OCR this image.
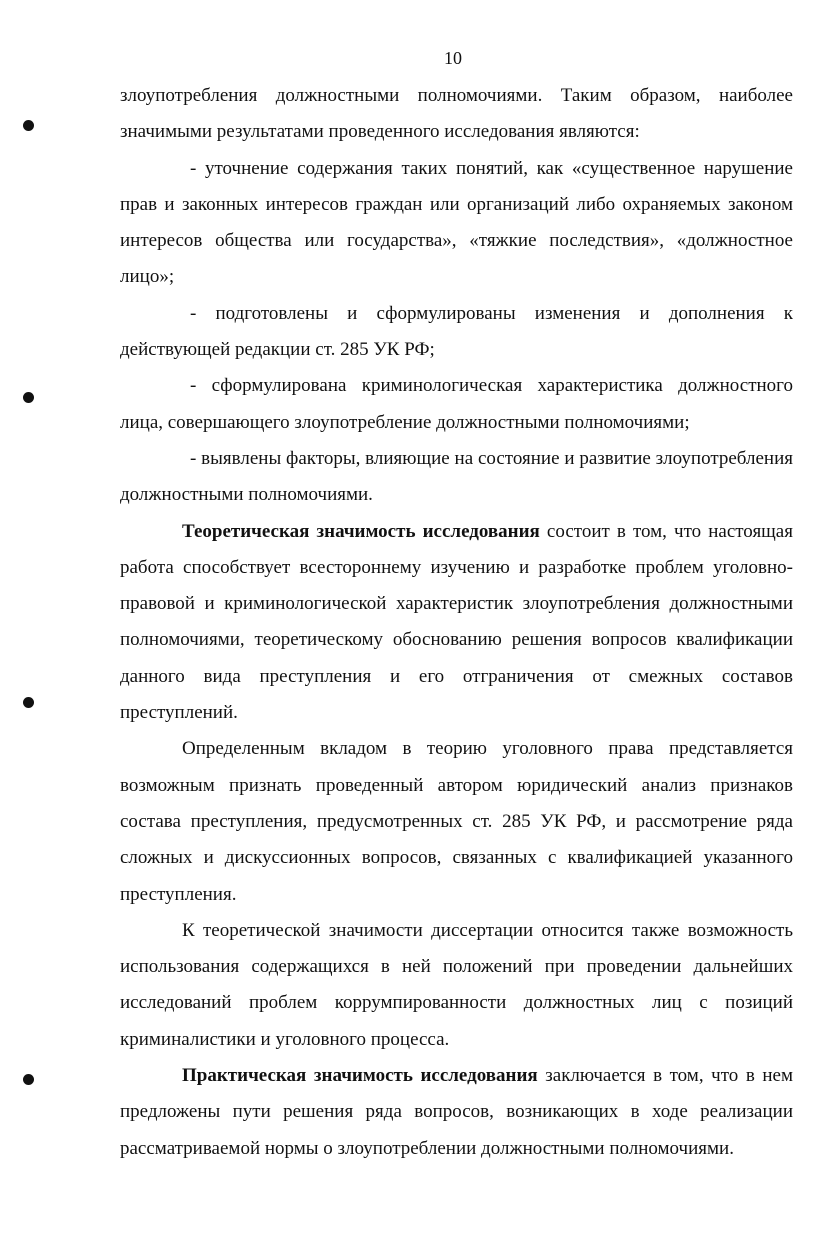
10

злоупотребления должностными полномочиями. Таким образом, наиболее значимыми результатами проведенного исследования являются:

- уточнение содержания таких понятий, как «существенное нарушение прав и законных интересов граждан или организаций либо охраняемых законом интересов общества или государства», «тяжкие последствия», «должностное лицо»;

- подготовлены и сформулированы изменения и дополнения к действующей редакции ст. 285 УК РФ;

- сформулирована криминологическая характеристика должностного лица, совершающего злоупотребление должностными полномочиями;

- выявлены факторы, влияющие на состояние и развитие злоупотребления должностными полномочиями.

Теоретическая значимость исследования состоит в том, что настоящая работа способствует всестороннему изучению и разработке проблем уголовно-правовой и криминологической характеристик злоупотребления должностными полномочиями, теоретическому обоснованию решения вопросов квалификации данного вида преступления и его отграничения от смежных составов преступлений.

Определенным вкладом в теорию уголовного права представляется возможным признать проведенный автором юридический анализ признаков состава преступления, предусмотренных ст. 285 УК РФ, и рассмотрение ряда сложных и дискуссионных вопросов, связанных с квалификацией указанного преступления.

К теоретической значимости диссертации относится также возможность использования содержащихся в ней положений при проведении дальнейших исследований проблем коррумпированности должностных лиц с позиций криминалистики и уголовного процесса.

Практическая значимость исследования заключается в том, что в нем предложены пути решения ряда вопросов, возникающих в ходе реализации рассматриваемой нормы о злоупотреблении должностными полномочиями.
